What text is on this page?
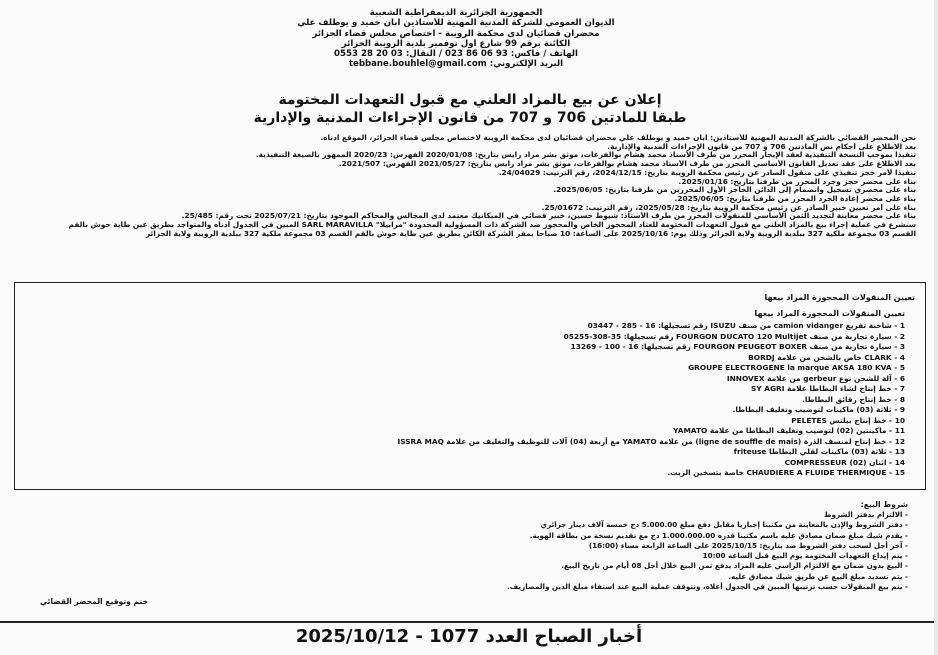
الجمهورية الجزائرية الديمقراطية الشعبية
الديوان العمومي للشركة المدنية المهنية للأستاذين ابان حميد و يوطلف علي
محضران قضائيان لدى محكمة الرويبة - اختصاص مجلس قضاء الجزائر
الكائنة برقم 99 شارع أول نوفمبر بلدية الرويبة الجزائر
الهاتف / فاكس: 93 06 86 023 / النقال: 03 20 28 0553
البريد الإلكتروني: tebbane.bouhlel@gmail.com
إعلان عن بيع بالمزاد العلني مع قبول التعهدات المختومة
طبقا للمادتين 706 و 707 من قانون الإجراءات المدنية والإدارية
نحن المحضر القضائي بالشركة المدنية المهنية للأستاذين: ابان حميد و يوطلف علي محضران قضائيان لدى محكمة الرويبة لاختصاص مجلس قضاء الجزائر، الموقع أدناه.
بعد الاطلاع على أحكام نص المادتين 706 و 707 من قانون الإجراءات المدنية والإدارية.
تنفيذا بموجب النسخة التنفيذية لعقد الإيجار المحرر من طرف الأستاذ محمد هشام بوالفرعات، موثق بشر مراد رايس بتاريخ: 2020/01/08 الفهرس: 2020/23 الممهور بالصيغة التنفيذية.
بعد الاطلاع على عقد تعديل القانون الأساسي المحرر من طرف الأستاذ محمد هشام بوالفرعات، موثق بشر مراد رايس بتاريخ: 2021/05/27 الفهرس: 2021/507.
تنفيذا لأمر حجز تنفيذي على منقول الصادر عن رئيس محكمة الرويبة بتاريخ: 2024/12/15، رقم الترتيب: 24/04029.
بناء على محضر حجز وجرد المحرر من طرفنا بتاريخ: 2025/01/16.
بناء على محضري تسجيل وانضمام إلى الدائن الحاجز الأول المحررين من طرفنا بتاريخ: 2025/06/05.
بناء على محضر إعادة الجرد المحرر من طرفنا بتاريخ: 2025/06/05.
بناء على أمر تعيين خبير الصادر عن رئيس محكمة الرويبة بتاريخ: 2025/05/28، رقم الترتيب: 25/01672.
بناء على محضر معاينة لتحديد الثمن الأساسي للمنقولات المحرر من طرف الأستاذ: شيوط حسين، خبير قضائي في الميكانيك معتمد لدى المجالس والمحاكم الموجود بتاريخ: 2025/07/21 تحت رقم: 25/485.
سنشرع في عملية إجراء بيع بالمزاد العلني مع قبول التعهدات المختومة للعتاد المحجوز الخاص والمحجوز ضد الشركة ذات المسؤولية المحدودة "مرابيلا" SARL MARAVILLA المبين في الجدول أدناه والمتواجد بطريق عين طاية حوش بالقم
القسم 03 مجموعة ملكية 327 ببلدية الرويبة ولاية الجزائر وذلك يوم: 2025/10/16 على الساعة: 10 صباحا بمقر الشركة الكائن بطريق عين طاية حوش بالقم القسم 03 مجموعة ملكية 327 ببلدية الرويبة ولاية الجزائر
تعيين المنقولات المحجوزة المراد بيعها
تعيين المنقولات المحجوزة المراد بيعها
1 - شاحنة تفريغ camion vidanger من صنف ISUZU رقم تسجيلها: 16 - 285 - 03447
2 - سيارة تجارية من صنف FOURGON DUCATO 120 Multijet رقم تسجيلها: 35-308-05255
3 - سيارة تجارية من صنف FOURGON PEUGEOT BOXER رقم تسجيلها: 16 - 100 - 13269
4 - CLARK خاص بالشحن من علامة BORDJ
5 - GROUPE ELECTROGENE la marque AKSA 180 KVA
6 - آلة للشحن نوع gerbeur من علامة INNOVEX
7 - خط إنتاج لشاء البطاطا علامة SY AGRI
8 - خط إنتاج رقائق البطاطا.
9 - ثلاثة (03) ماكينات لتوضيب وتغليف البطاطا.
10 - خط إنتاج بيلتس PELETES
11 - ماكينتين (02) لتوضيب وتغليف البطاطا من علامة YAMATO
12 - خط إنتاج لمنسف الذرة (ligne de souffle de mais) من علامة YAMATO مع أربعة (04) آلات للتوظيف والتغليف من علامة ISSRA MAQ
13 - ثلاثة (03) ماكينات لقلي البطاطا friteuse
14 - اثنان (02) COMPRESSEUR
15 - CHAUDIERE A FLUIDE THERMIQUE خاصة بتسخين الزيت.
شروط البيع:
- الالتزام بدفتر الشروط
- دفتر الشروط والإذن بالمعاينة من مكتبنا إجباريا مقابل دفع مبلغ 5.000.00 دج خمسة آلاف دينار جزائري
- يقدم شيك مبلغ ضمان مصادق عليه باسم مكتبنا قدره 1.000.000.00 دج مع تقديم نسخة من بطاقة الهوية.
- آخر أجل لسحب دفتر الشروط ضد بتاريخ: 2025/10/15 على الساعة الرابعة مساء (16:00)
- يتم إيداع التعهدات المختومة يوم البيع قبل الساعة 10:00
- البيع بدون ضمان مع الالتزام الراسي عليه المزاد بدفع ثمن البيع خلال أجل 08 أيام من تاريخ البيع.
- يتم تسديد مبلغ البيع عن طريق شيك مصادق عليه.
- يتم بيع المنقولات حسب ترتيبها المبين في الجدول أعلاه، وتتوقف عملية البيع عند استفاء مبلغ الدين والمصاريف.
ختم وتوقيع المحضر القضائي
أخبار الصباح العدد 1077 - 2025/10/12
